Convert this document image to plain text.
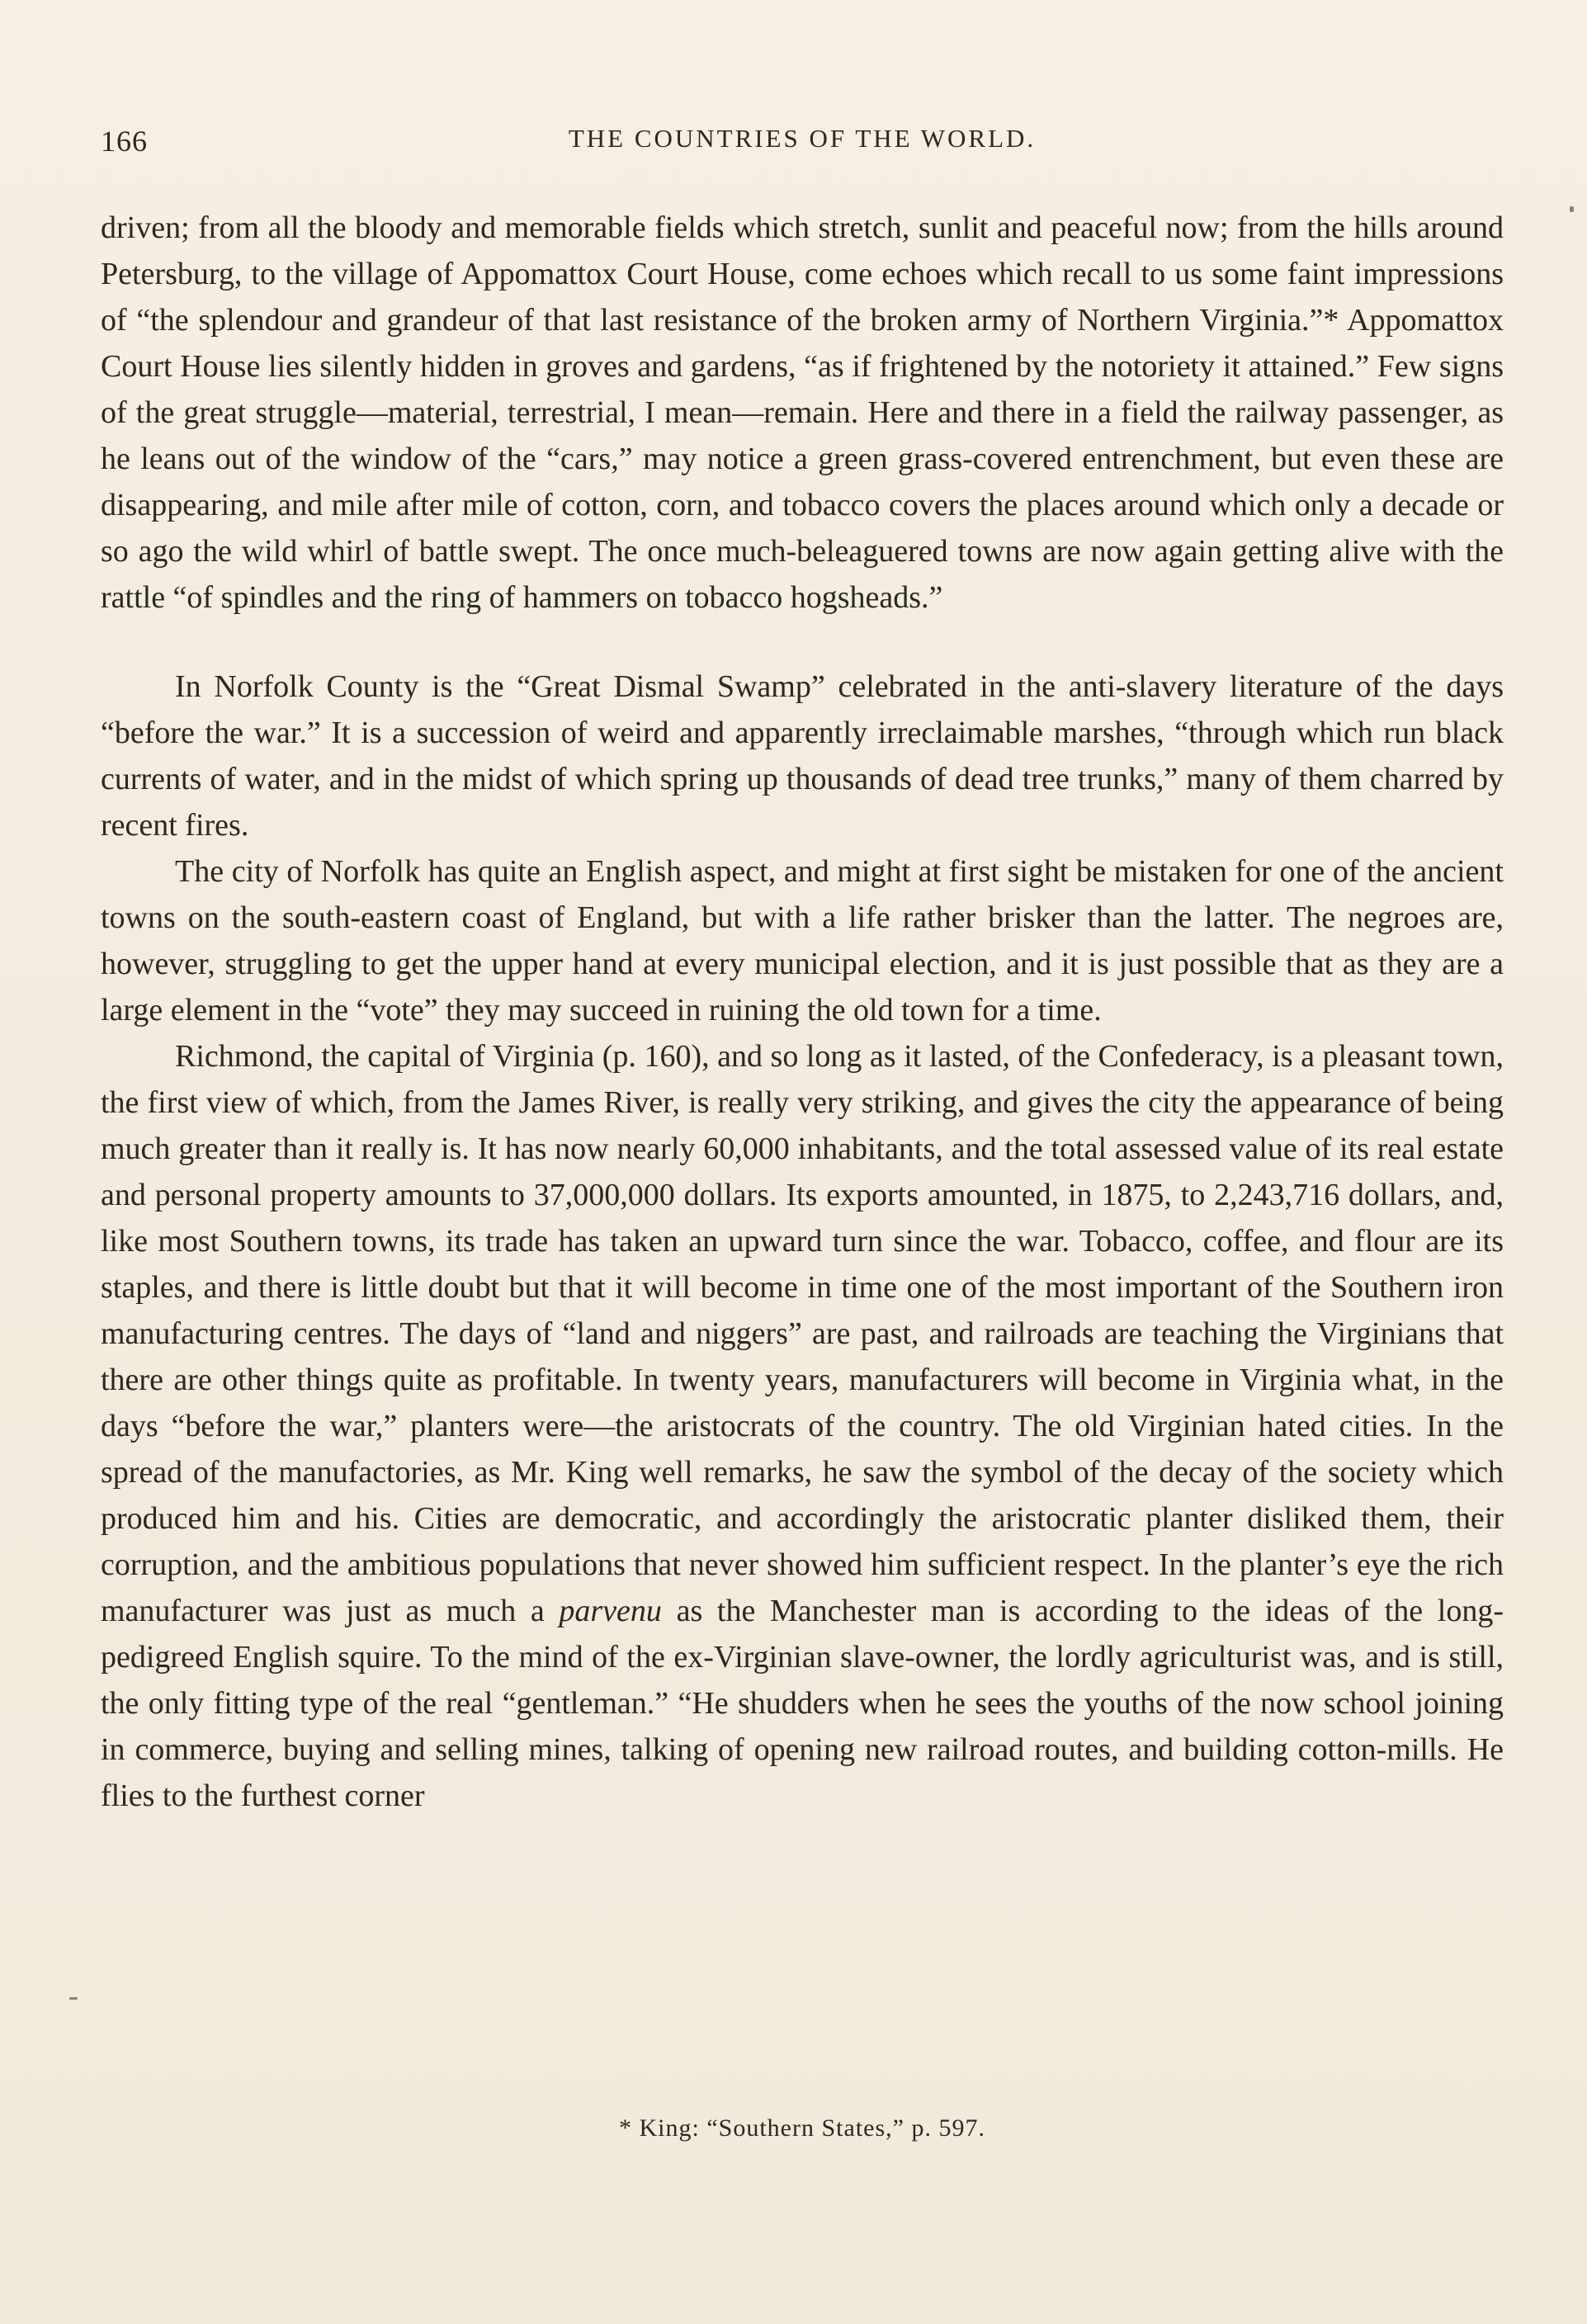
166	THE COUNTRIES OF THE WORLD.

driven; from all the bloody and memorable fields which stretch, sunlit and peaceful now; from the hills around Petersburg, to the village of Appomattox Court House, come echoes which recall to us some faint impressions of “the splendour and grandeur of that last resistance of the broken army of Northern Virginia.”* Appomattox Court House lies silently hidden in groves and gardens, “as if frightened by the notoriety it attained.” Few signs of the great struggle—material, terrestrial, I mean—remain. Here and there in a field the railway passenger, as he leans out of the window of the “cars,” may notice a green grass-covered entrenchment, but even these are disappearing, and mile after mile of cotton, corn, and tobacco covers the places around which only a decade or so ago the wild whirl of battle swept. The once much-beleaguered towns are now again getting alive with the rattle “of spindles and the ring of hammers on tobacco hogsheads.”

In Norfolk County is the “Great Dismal Swamp” celebrated in the anti-slavery literature of the days “before the war.” It is a succession of weird and apparently irreclaimable marshes, “through which run black currents of water, and in the midst of which spring up thousands of dead tree trunks,” many of them charred by recent fires.

The city of Norfolk has quite an English aspect, and might at first sight be mistaken for one of the ancient towns on the south-eastern coast of England, but with a life rather brisker than the latter. The negroes are, however, struggling to get the upper hand at every municipal election, and it is just possible that as they are a large element in the “vote” they may succeed in ruining the old town for a time.

Richmond, the capital of Virginia (p. 160), and so long as it lasted, of the Confederacy, is a pleasant town, the first view of which, from the James River, is really very striking, and gives the city the appearance of being much greater than it really is. It has now nearly 60,000 inhabitants, and the total assessed value of its real estate and personal property amounts to 37,000,000 dollars. Its exports amounted, in 1875, to 2,243,716 dollars, and, like most Southern towns, its trade has taken an upward turn since the war. Tobacco, coffee, and flour are its staples, and there is little doubt but that it will become in time one of the most important of the Southern iron manufacturing centres. The days of “land and niggers” are past, and railroads are teaching the Virginians that there are other things quite as profitable. In twenty years, manufacturers will become in Virginia what, in the days “before the war,” planters were—the aristocrats of the country. The old Virginian hated cities. In the spread of the manufactories, as Mr. King well remarks, he saw the symbol of the decay of the society which produced him and his. Cities are democratic, and accordingly the aristocratic planter disliked them, their corruption, and the ambitious populations that never showed him sufficient respect. In the planter’s eye the rich manufacturer was just as much a parvenu as the Manchester man is according to the ideas of the long-pedigreed English squire. To the mind of the ex-Virginian slave-owner, the lordly agriculturist was, and is still, the only fitting type of the real “gentleman.” “He shudders when he sees the youths of the now school joining in commerce, buying and selling mines, talking of opening new railroad routes, and building cotton-mills. He flies to the furthest corner

* King: “Southern States,” p. 597.
